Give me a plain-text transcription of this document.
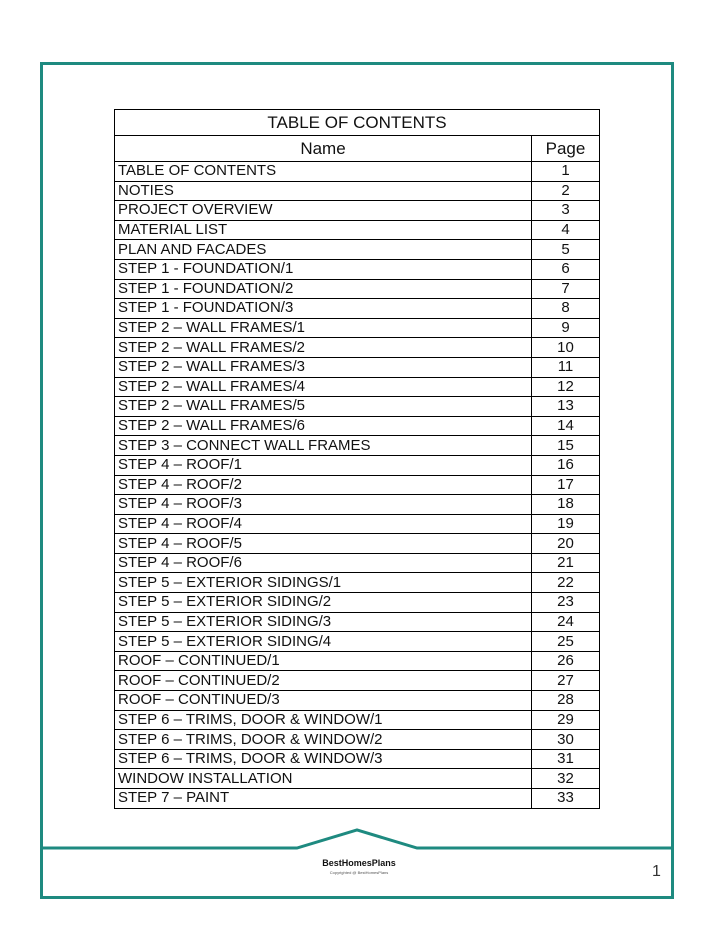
TABLE OF CONTENTS	
Name	Page
TABLE OF CONTENTS	1
NOTIES	2
PROJECT OVERVIEW	3
MATERIAL LIST	4
PLAN AND FACADES	5
STEP 1 - FOUNDATION/1	6
STEP 1 - FOUNDATION/2	7
STEP 1 - FOUNDATION/3	8
STEP 2 – WALL FRAMES/1	9
STEP 2 – WALL FRAMES/2	10
STEP 2 – WALL FRAMES/3	11
STEP 2 – WALL FRAMES/4	12
STEP 2 – WALL FRAMES/5	13
STEP 2 – WALL FRAMES/6	14
STEP 3 – CONNECT WALL FRAMES	15
STEP 4 – ROOF/1	16
STEP 4 – ROOF/2	17
STEP 4 – ROOF/3	18
STEP 4 – ROOF/4	19
STEP 4 – ROOF/5	20
STEP 4 – ROOF/6	21
STEP 5 – EXTERIOR SIDINGS/1	22
STEP 5 – EXTERIOR SIDING/2	23
STEP 5 – EXTERIOR SIDING/3	24
STEP 5 – EXTERIOR SIDING/4	25
ROOF – CONTINUED/1	26
ROOF – CONTINUED/2	27
ROOF – CONTINUED/3	28
STEP 6 – TRIMS, DOOR & WINDOW/1	29
STEP 6 – TRIMS, DOOR & WINDOW/2	30
STEP 6 – TRIMS, DOOR & WINDOW/3	31
WINDOW INSTALLATION	32
STEP 7 – PAINT	33
BestHomesPlans
Copyrighted @ BestHomesPlans	1
